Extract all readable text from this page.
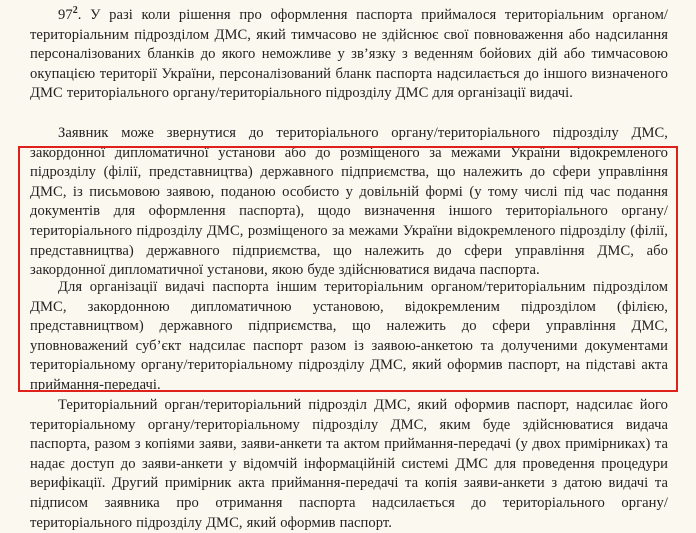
$97^2$. У разі коли рішення про оформлення паспорта приймалося територіальним органом/територіальним підрозділом ДМС, який тимчасово не здійснює свої повноваження або надсилання персоналізованих бланків до якого неможливе у зв’язку з веденням бойових дій або тимчасовою окупацією території України, персоналізований бланк паспорта надсилається до іншого визначеного ДМС територіального органу/територіального підрозділу ДМС для організації видачі.

Заявник може звернутися до територіального органу/територіального підрозділу ДМС, закордонної дипломатичної установи або до розміщеного за межами України відокремленого підрозділу (філії, представництва) державного підприємства, що належить до сфери управління ДМС, із письмовою заявою, поданою особисто у довільній формі (у тому числі під час подання документів для оформлення паспорта), щодо визначення іншого територіального органу/територіального підрозділу ДМС, розміщеного за межами України відокремленого підрозділу (філії, представництва) державного підприємства, що належить до сфери управління ДМС, або закордонної дипломатичної установи, якою буде здійснюватися видача паспорта.

Для організації видачі паспорта іншим територіальним органом/територіальним підрозділом ДМС, закордонною дипломатичною установою, відокремленим підрозділом (філією, представництвом) державного підприємства, що належить до сфери управління ДМС, уповноважений суб’єкт надсилає паспорт разом із заявою-анкетою та долученими документами територіальному органу/територіальному підрозділу ДМС, який оформив паспорт, на підставі акта приймання-передачі.

Територіальний орган/територіальний підрозділ ДМС, який оформив паспорт, надсилає його територіальному органу/територіальному підрозділу ДМС, яким буде здійснюватися видача паспорта, разом з копіями заяви, заяви-анкети та актом приймання-передачі (у двох примірниках) та надає доступ до заяви-анкети у відомчій інформаційній системі ДМС для проведення процедури верифікації. Другий примірник акта приймання-передачі та копія заяви-анкети з датою видачі та підписом заявника про отримання паспорта надсилається до територіального органу/територіального підрозділу ДМС, який оформив паспорт.
